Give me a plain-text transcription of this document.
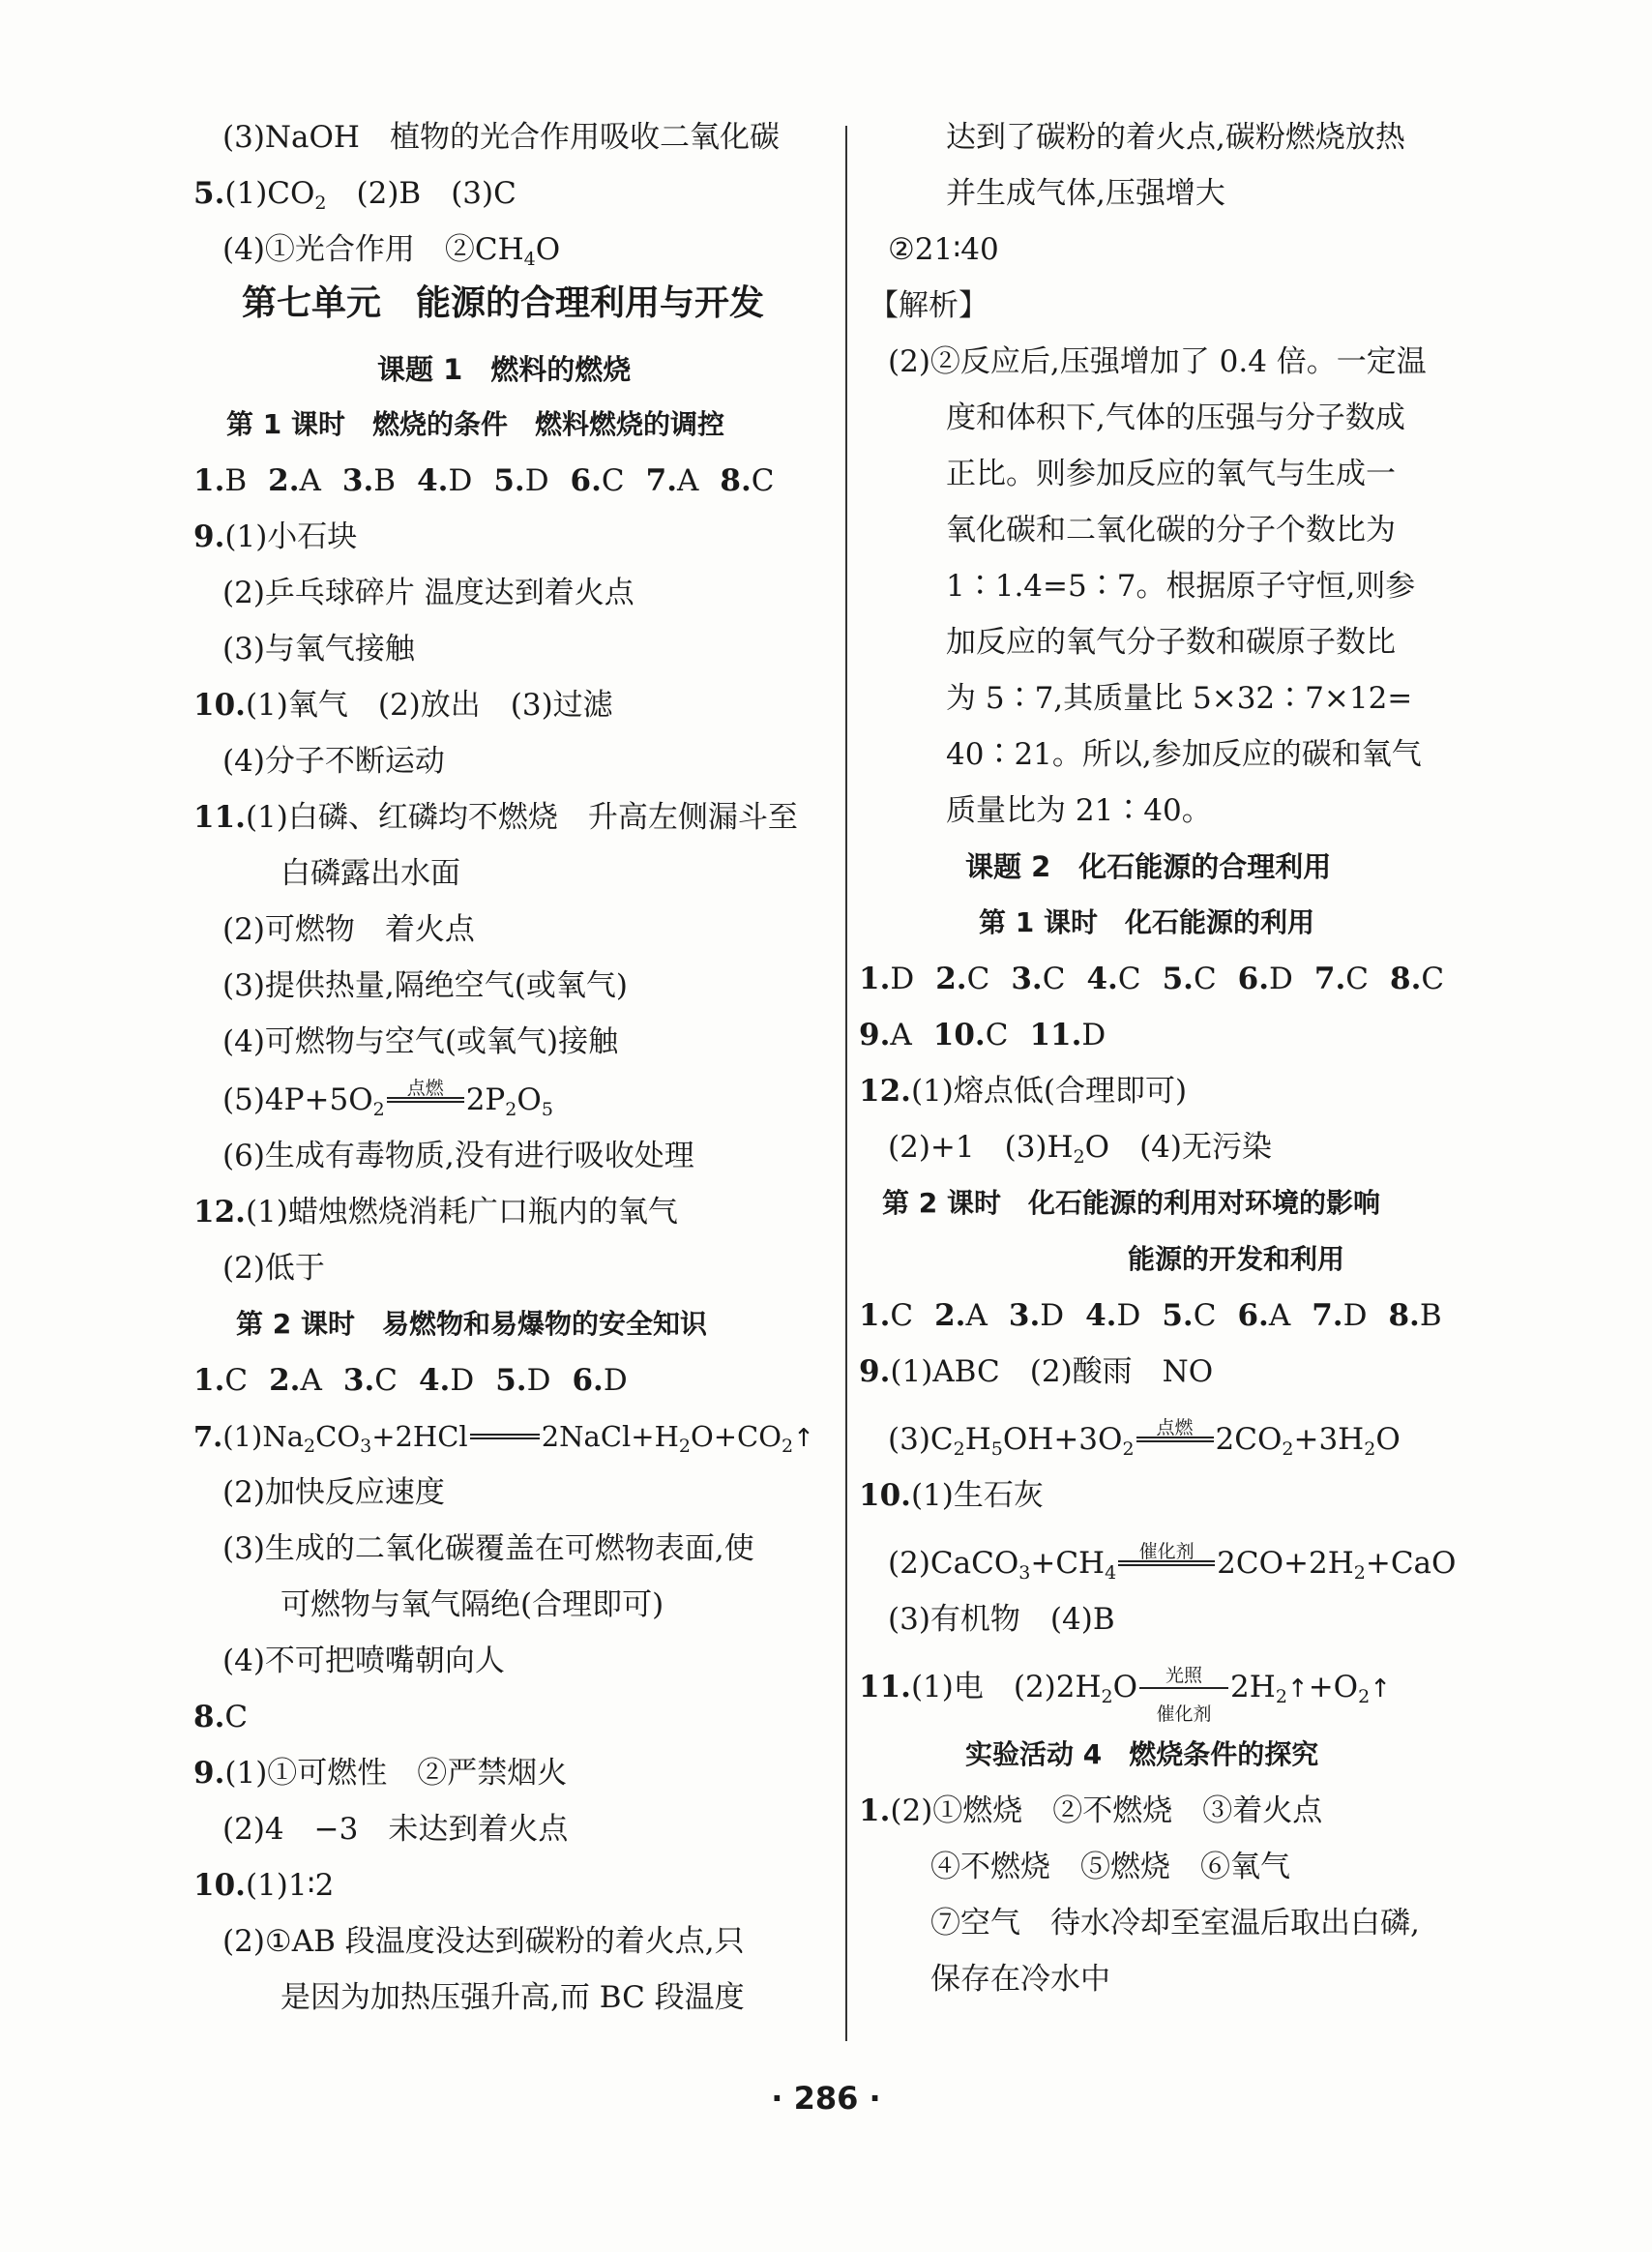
(3)NaOH　植物的光合作用吸收二氧化碳
$5.(1)CO_2$　(2)B　(3)C
(4)①光合作用　$②CH_4O$
第七单元　能源的合理利用与开发
课题 1　燃料的燃烧
第 1 课时　燃烧的条件　燃料燃烧的调控
1.B 2.A 3.B 4.D 5.D 6.C 7.A 8.C
9.(1)小石块
(2)乒乓球碎片 温度达到着火点
(3)与氧气接触
10.(1)氧气　(2)放出　(3)过滤
(4)分子不断运动
11.(1)白磷、红磷均不燃烧　升高左侧漏斗至
白磷露出水面
(2)可燃物　着火点
(3)提供热量,隔绝空气(或氧气)
(4)可燃物与空气(或氧气)接触
$(5)4P+5O_2$
点燃 $2P_2O_5$
(6)生成有毒物质,没有进行吸收处理
12.(1)蜡烛燃烧消耗广口瓶内的氧气
(2)低于
第 2 课时　易燃物和易爆物的安全知识
1.C 2.A 3.C 4.D 5.D 6.D
$7.(1)Na_2CO_3+2HCl$	$2NaCl+H_2O+CO_2↑$
(2)加快反应速度
(3)生成的二氧化碳覆盖在可燃物表面,使
可燃物与氧气隔绝(合理即可)
(4)不可把喷嘴朝向人
8.C
9.(1)①可燃性　②严禁烟火
(2)4　−3　未达到着火点
10.(1)1∶2
(2)①AB 段温度没达到碳粉的着火点,只
是因为加热压强升高,而 BC 段温度
达到了碳粉的着火点,碳粉燃烧放热
并生成气体,压强增大
②21∶40
【解析】
(2)②反应后,压强增加了 0.4 倍。一定温
度和体积下,气体的压强与分子数成
正比。则参加反应的氧气与生成一
氧化碳和二氧化碳的分子个数比为
1∶1.4=5∶7。根据原子守恒,则参
加反应的氧气分子数和碳原子数比
为 5∶7,其质量比 5×32∶7×12=
40∶21。所以,参加反应的碳和氧气
质量比为 21∶40。
课题 2　化石能源的合理利用
第 1 课时　化石能源的利用
1.D 2.C 3.C 4.C 5.C 6.D 7.C 8.C
9.A 10.C 11.D
12.(1)熔点低(合理即可)
(2)+1　$(3)H_2O$　(4)无污染
第 2 课时　化石能源的利用对环境的影响
能源的开发和利用
1.C 2.A 3.D 4.D 5.C 6.A 7.D 8.B
9.(1)ABC　(2)酸雨　NO
$(3)C_2H_5OH+3O_2$
点燃 $2CO_2+3H_2O$
10.(1)生石灰
$(2)CaCO_3+CH_4$
催化剂 $2CO+2H_2+CaO$
(3)有机物　(4)B
11.(1)电　$(2)2H_2O$	光照
催化剂
$2H_2↑+O_2↑$
实验活动 4　燃烧条件的探究
1.(2)①燃烧　②不燃烧　③着火点
④不燃烧　⑤燃烧　⑥氧气
⑦空气　待水冷却至室温后取出白磷,
保存在冷水中
· 286 ·
